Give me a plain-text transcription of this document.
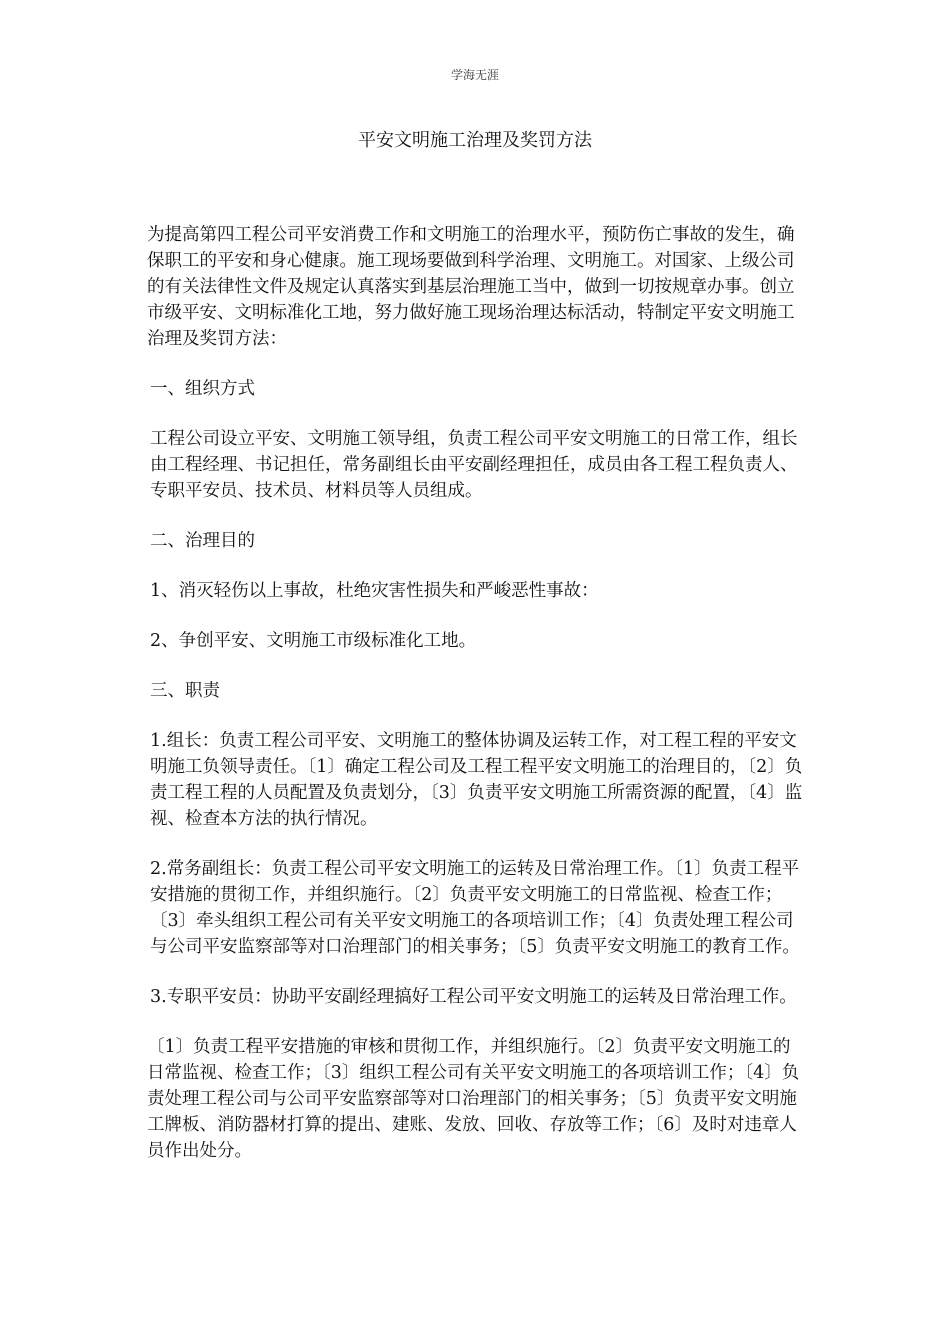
学海无涯
平安文明施工治理及奖罚方法

为提高第四工程公司平安消费工作和文明施工的治理水平，预防伤亡事故的发生，确保职工的平安和身心健康。施工现场要做到科学治理、文明施工。对国家、上级公司的有关法律性文件及规定认真落实到基层治理施工当中，做到一切按规章办事。创立市级平安、文明标准化工地，努力做好施工现场治理达标活动，特制定平安文明施工治理及奖罚方法：

一、组织方式

工程公司设立平安、文明施工领导组，负责工程公司平安文明施工的日常工作，组长由工程经理、书记担任，常务副组长由平安副经理担任，成员由各工程工程负责人、专职平安员、技术员、材料员等人员组成。

二、治理目的

1、消灭轻伤以上事故，杜绝灾害性损失和严峻恶性事故：

2、争创平安、文明施工市级标准化工地。

三、职责

1.组长：负责工程公司平安、文明施工的整体协调及运转工作，对工程工程的平安文明施工负领导责任。〔1〕确定工程公司及工程工程平安文明施工的治理目的，〔2〕负责工程工程的人员配置及负责划分，〔3〕负责平安文明施工所需资源的配置，〔4〕监视、检查本方法的执行情况。

2.常务副组长：负责工程公司平安文明施工的运转及日常治理工作。〔1〕负责工程平安措施的贯彻工作，并组织施行。〔2〕负责平安文明施工的日常监视、检查工作；〔3〕牵头组织工程公司有关平安文明施工的各项培训工作；〔4〕负责处理工程公司与公司平安监察部等对口治理部门的相关事务；〔5〕负责平安文明施工的教育工作。

3.专职平安员：协助平安副经理搞好工程公司平安文明施工的运转及日常治理工作。

〔1〕负责工程平安措施的审核和贯彻工作，并组织施行。〔2〕负责平安文明施工的日常监视、检查工作；〔3〕组织工程公司有关平安文明施工的各项培训工作；〔4〕负责处理工程公司与公司平安监察部等对口治理部门的相关事务；〔5〕负责平安文明施工牌板、消防器材打算的提出、建账、发放、回收、存放等工作；〔6〕及时对违章人员作出处分。
